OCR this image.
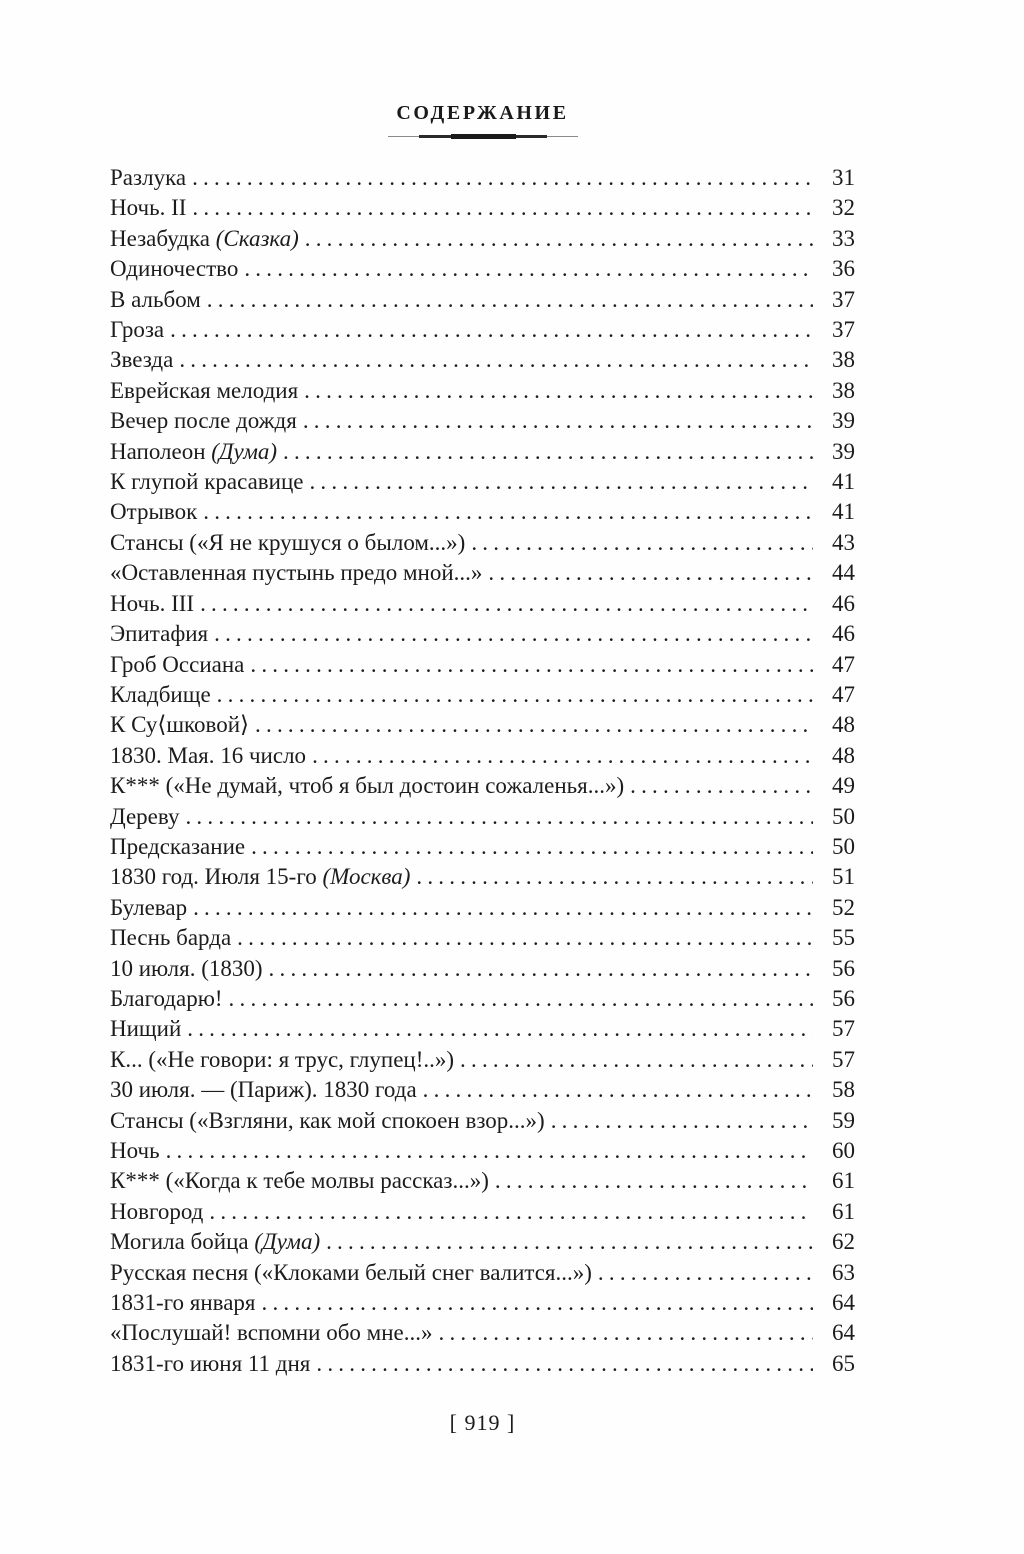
СОДЕРЖАНИЕ
Разлука .....	31
Ночь. II .....	32
Незабудка (Сказка) .....	33
Одиночество .....	36
В альбом .....	37
Гроза .....	37
Звезда .....	38
Еврейская мелодия .....	38
Вечер после дождя .....	39
Наполеон (Дума) .....	39
К глупой красавице .....	41
Отрывок .....	41
Стансы («Я не крушуся о былом...») .....	43
«Оставленная пустынь предо мной...» .....	44
Ночь. III .....	46
Эпитафия .....	46
Гроб Оссиана .....	47
Кладбище .....	47
К Су⟨шковой⟩ .....	48
1830. Мая. 16 число .....	48
К*** («Не думай, чтоб я был достоин сожаленья...») .....	49
Дереву .....	50
Предсказание .....	50
1830 год. Июля 15-го (Москва) .....	51
Булевар .....	52
Песнь барда .....	55
10 июля. (1830) .....	56
Благодарю! .....	56
Нищий .....	57
К... («Не говори: я трус, глупец!..») .....	57
30 июля. — (Париж). 1830 года .....	58
Стансы («Взгляни, как мой спокоен взор...») .....	59
Ночь .....	60
К*** («Когда к тебе молвы рассказ...») .....	61
Новгород .....	61
Могила бойца (Дума) .....	62
Русская песня («Клоками белый снег валится...») .....	63
1831-го января .....	64
«Послушай! вспомни обо мне...» .....	64
1831-го июня 11 дня .....	65
[ 919 ]
